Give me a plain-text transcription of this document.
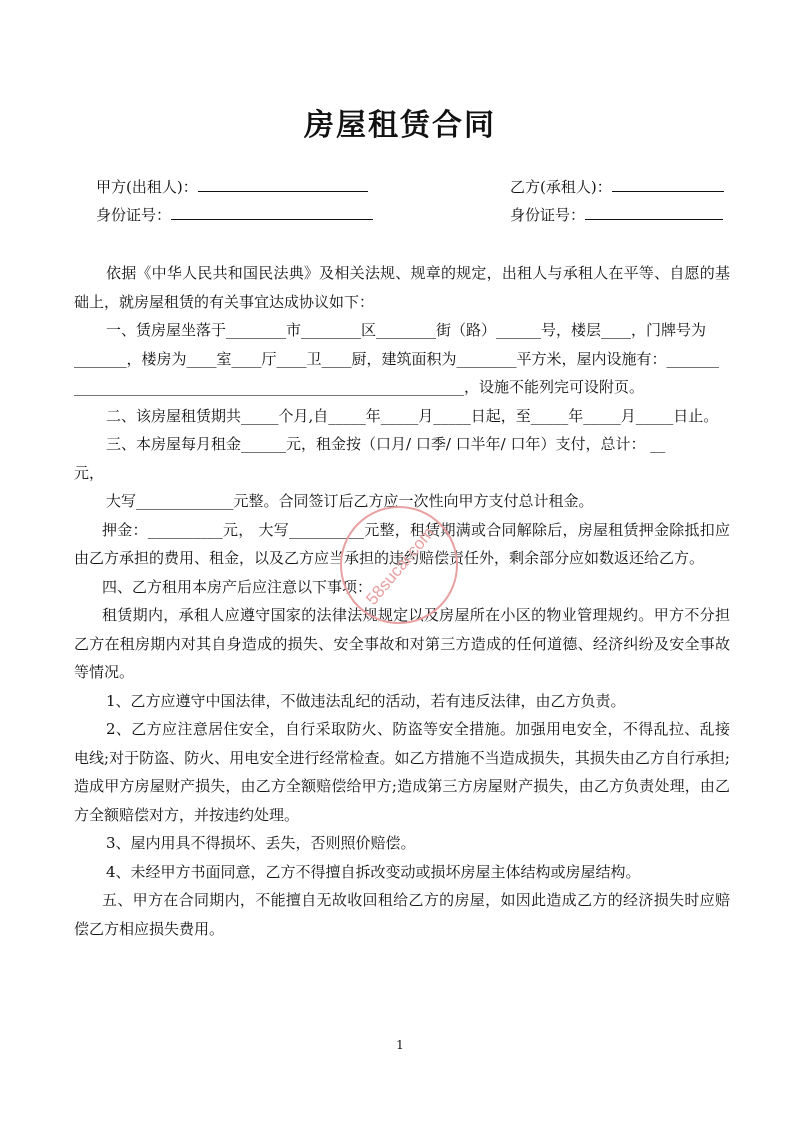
房屋租赁合同
甲方(出租人)：
身份证号：
乙方(承租人)：
身份证号：

依据《中华人民共和国民法典》及相关法规、规章的规定，出租人与承租人在平等、自愿的基础上，就房屋租赁的有关事宜达成协议如下：

一、赁房屋坐落于________市________区________街（路）______号，楼层____，门牌号为

_______，楼房为____室____厅____卫____厨，建筑面积为________平方米，屋内设施有：_______

____________________________________________________，设施不能列完可设附页。

二、该房屋租赁期共_____个月,自_____年_____月_____日起，至_____年_____月_____日止。

三、本房屋每月租金______元，租金按（口月/ 口季/ 口半年/ 口年）支付，总计： __

元，

大写_____________元整。合同签订后乙方应一次性向甲方支付总计租金。

押金：__________元， 大写__________元整，租赁期满或合同解除后，房屋租赁押金除抵扣应由乙方承担的费用、租金，以及乙方应当承担的违约赔偿责任外，剩余部分应如数返还给乙方。

四、乙方租用本房产后应注意以下事项：

租赁期内，承租人应遵守国家的法律法规规定以及房屋所在小区的物业管理规约。甲方不分担乙方在租房期内对其自身造成的损失、安全事故和对第三方造成的任何道德、经济纠纷及安全事故等情况。

1、乙方应遵守中国法律，不做违法乱纪的活动，若有违反法律，由乙方负责。

2、乙方应注意居住安全，自行采取防火、防盗等安全措施。加强用电安全，不得乱拉、乱接电线;对于防盗、防火、用电安全进行经常检查。如乙方措施不当造成损失，其损失由乙方自行承担;造成甲方房屋财产损失，由乙方全额赔偿给甲方;造成第三方房屋财产损失，由乙方负责处理，由乙方全额赔偿对方，并按违约处理。

3、屋内用具不得损坏、丢失，否则照价赔偿。

4、未经甲方书面同意，乙方不得擅自拆改变动或损坏房屋主体结构或房屋结构。

五、甲方在合同期内，不能擅自无故收回租给乙方的房屋，如因此造成乙方的经济损失时应赔偿乙方相应损失费用。

58sucai.com
1
